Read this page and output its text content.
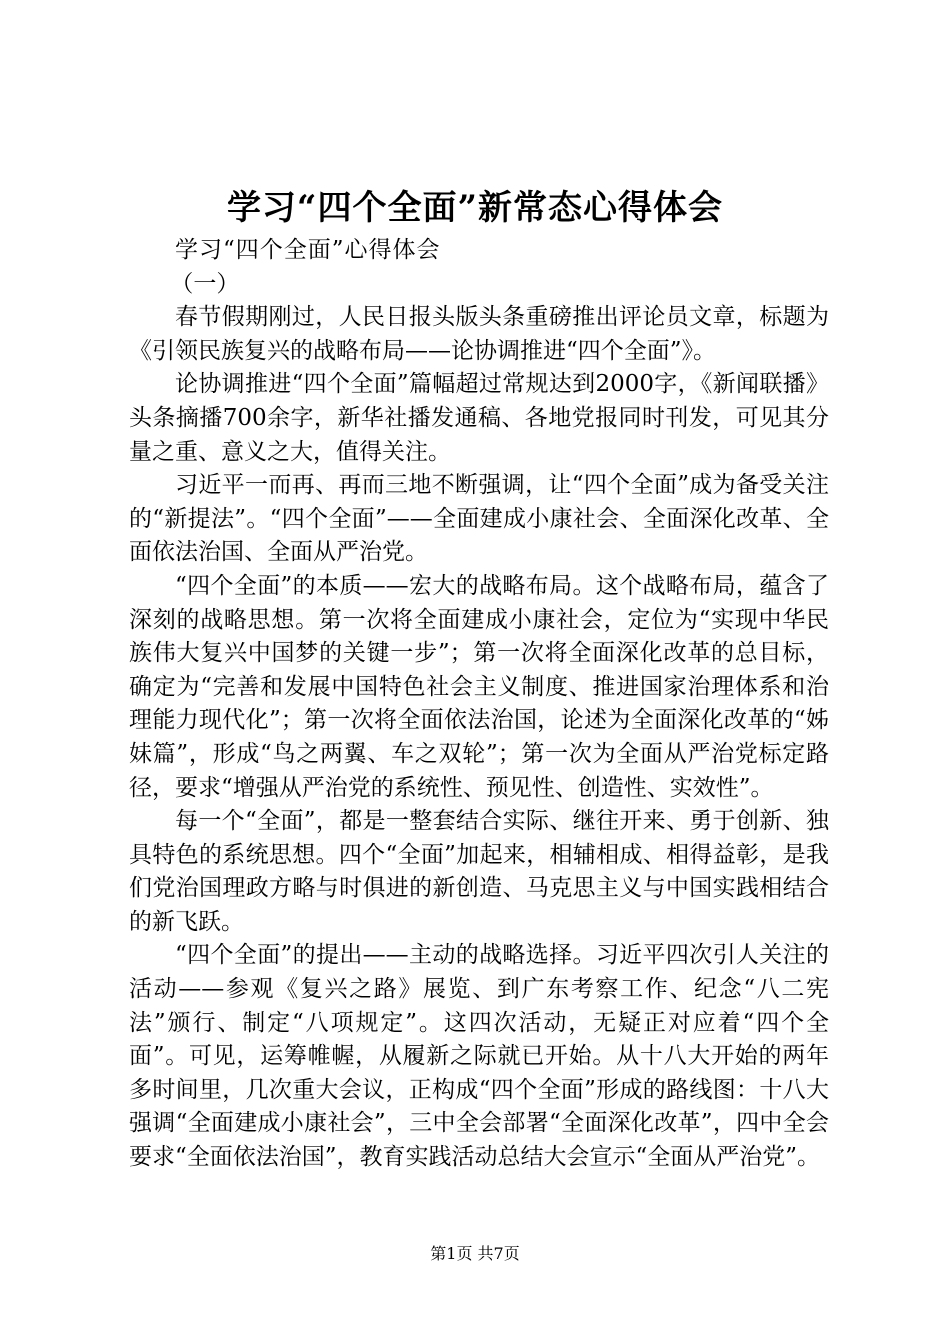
学习“四个全面”新常态心得体会

学习“四个全面”心得体会

（一）

春节假期刚过，人民日报头版头条重磅推出评论员文章，标题为《引领民族复兴的战略布局——论协调推进“四个全面”》。

论协调推进“四个全面”篇幅超过常规达到2000字，《新闻联播》头条摘播700余字，新华社播发通稿、各地党报同时刊发，可见其分量之重、意义之大，值得关注。

习近平一而再、再而三地不断强调，让“四个全面”成为备受关注的“新提法”。“四个全面”——全面建成小康社会、全面深化改革、全面依法治国、全面从严治党。

“四个全面”的本质——宏大的战略布局。这个战略布局，蕴含了深刻的战略思想。第一次将全面建成小康社会，定位为“实现中华民族伟大复兴中国梦的关键一步”；第一次将全面深化改革的总目标，确定为“完善和发展中国特色社会主义制度、推进国家治理体系和治理能力现代化”；第一次将全面依法治国，论述为全面深化改革的“姊妹篇”，形成“鸟之两翼、车之双轮”；第一次为全面从严治党标定路径，要求“增强从严治党的系统性、预见性、创造性、实效性”。

每一个“全面”，都是一整套结合实际、继往开来、勇于创新、独具特色的系统思想。四个“全面”加起来，相辅相成、相得益彰，是我们党治国理政方略与时俱进的新创造、马克思主义与中国实践相结合的新飞跃。

“四个全面”的提出——主动的战略选择。习近平四次引人关注的活动——参观《复兴之路》展览、到广东考察工作、纪念“八二宪法”颁行、制定“八项规定”。这四次活动，无疑正对应着“四个全面”。可见，运筹帷幄，从履新之际就已开始。从十八大开始的两年多时间里，几次重大会议，正构成“四个全面”形成的路线图：十八大强调“全面建成小康社会”，三中全会部署“全面深化改革”，四中全会要求“全面依法治国”，教育实践活动总结大会宣示“全面从严治党”。

第1页 共7页
